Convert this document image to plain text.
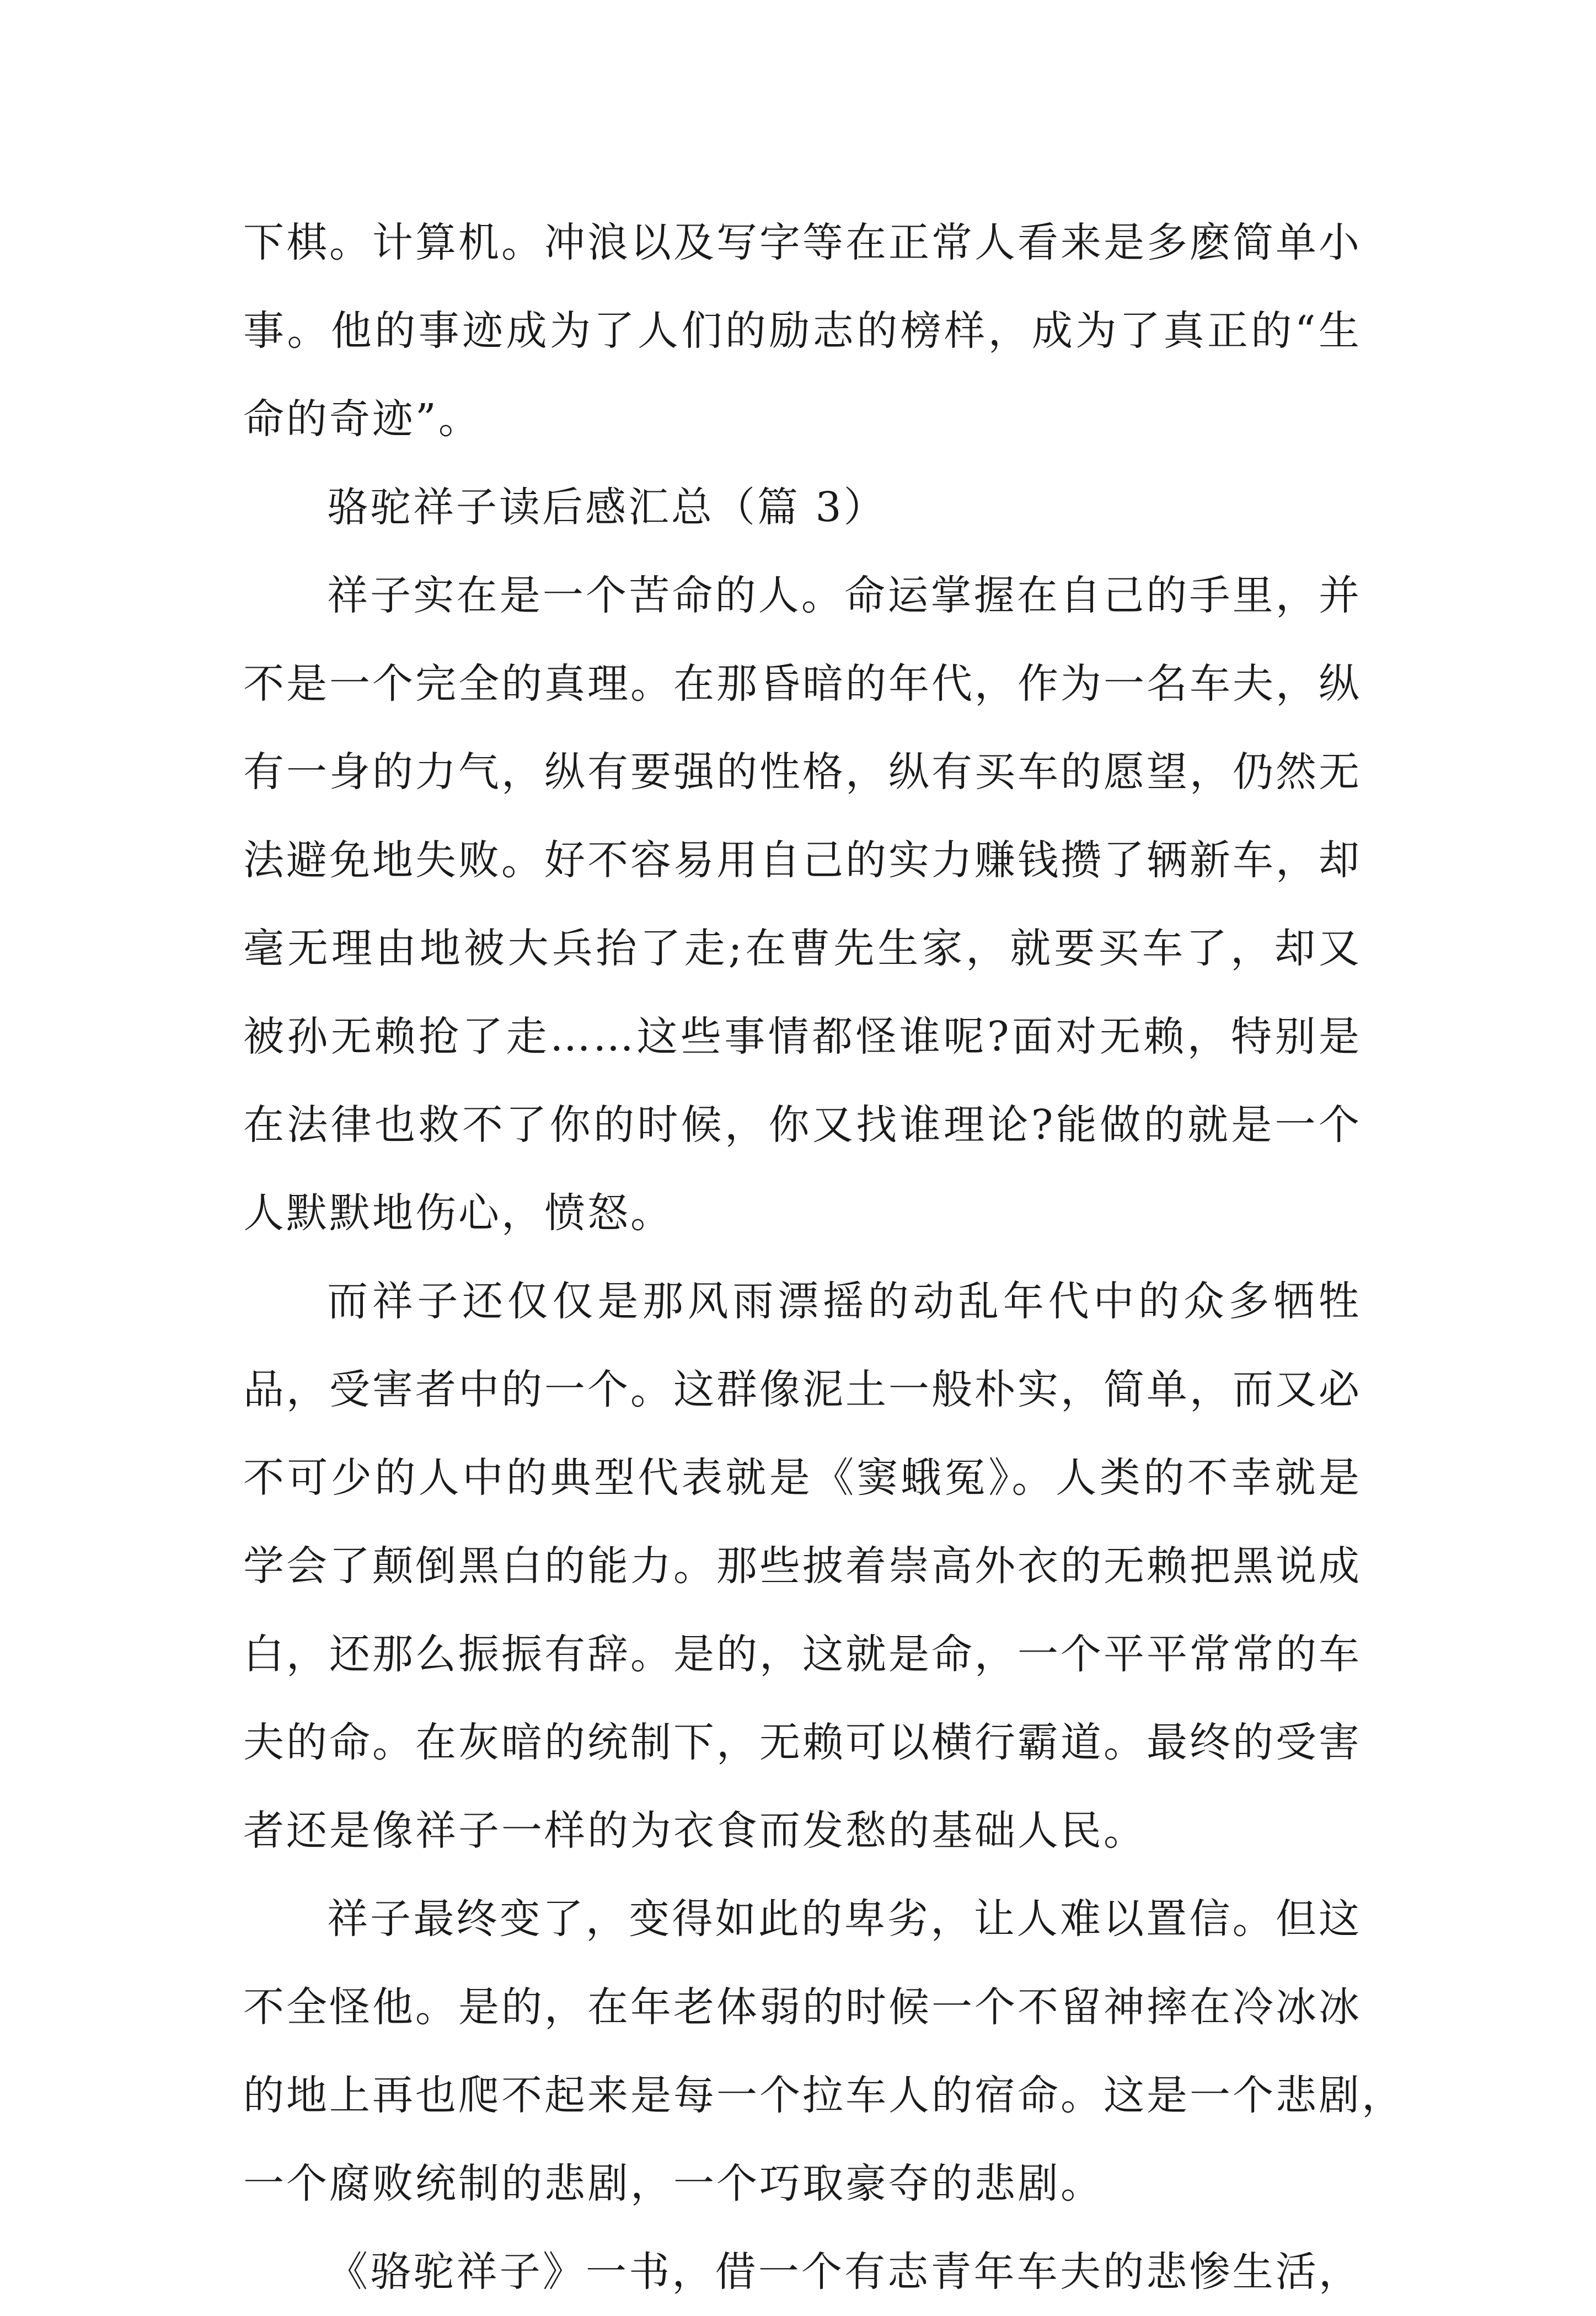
下棋。计算机。冲浪以及写字等在正常人看来是多麽简单小
事。他的事迹成为了人们的励志的榜样，成为了真正的“生
命的奇迹”。
骆驼祥子读后感汇总（篇 3）
祥子实在是一个苦命的人。命运掌握在自己的手里，并
不是一个完全的真理。在那昏暗的年代，作为一名车夫，纵
有一身的力气，纵有要强的性格，纵有买车的愿望，仍然无
法避免地失败。好不容易用自己的实力赚钱攒了辆新车，却
毫无理由地被大兵抬了走;在曹先生家，就要买车了，却又
被孙无赖抢了走……这些事情都怪谁呢?面对无赖，特别是
在法律也救不了你的时候，你又找谁理论?能做的就是一个
人默默地伤心，愤怒。
而祥子还仅仅是那风雨漂摇的动乱年代中的众多牺牲
品，受害者中的一个。这群像泥土一般朴实，简单，而又必
不可少的人中的典型代表就是《窦蛾冤》。人类的不幸就是
学会了颠倒黑白的能力。那些披着崇高外衣的无赖把黑说成
白，还那么振振有辞。是的，这就是命，一个平平常常的车
夫的命。在灰暗的统制下，无赖可以横行霸道。最终的受害
者还是像祥子一样的为衣食而发愁的基础人民。
祥子最终变了，变得如此的卑劣，让人难以置信。但这
不全怪他。是的，在年老体弱的时候一个不留神摔在冷冰冰
的地上再也爬不起来是每一个拉车人的宿命。这是一个悲剧，
一个腐败统制的悲剧，一个巧取豪夺的悲剧。
《骆驼祥子》一书，借一个有志青年车夫的悲惨生活，
